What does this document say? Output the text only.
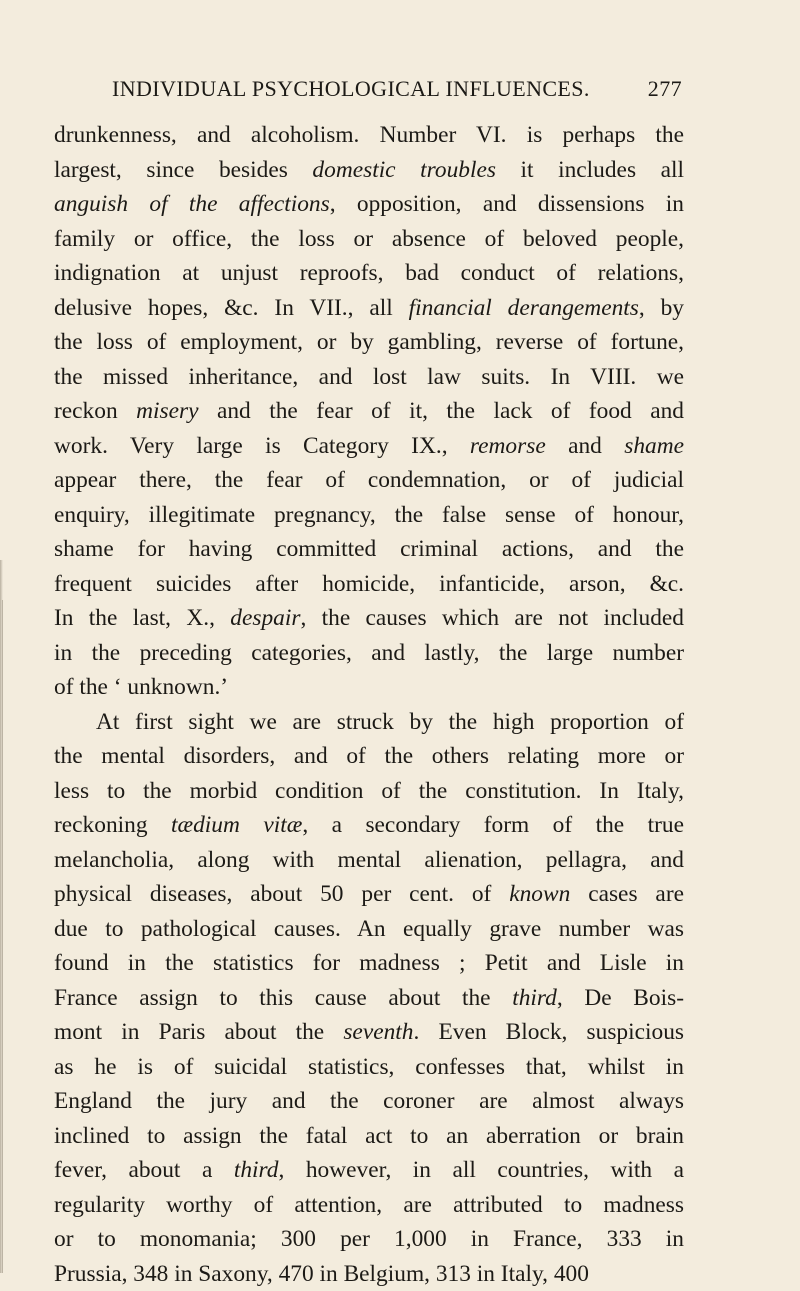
INDIVIDUAL PSYCHOLOGICAL INFLUENCES.	277
drunkenness, and alcoholism. Number VI. is perhaps the
largest, since besides domestic troubles it includes all
anguish of the affections, opposition, and dissensions in
family or office, the loss or absence of beloved people,
indignation at unjust reproofs, bad conduct of relations,
delusive hopes, &c. In VII., all financial derangements, by
the loss of employment, or by gambling, reverse of fortune,
the missed inheritance, and lost law suits. In VIII. we
reckon misery and the fear of it, the lack of food and
work. Very large is Category IX., remorse and shame
appear there, the fear of condemnation, or of judicial
enquiry, illegitimate pregnancy, the false sense of honour,
shame for having committed criminal actions, and the
frequent suicides after homicide, infanticide, arson, &c.
In the last, X., despair, the causes which are not included
in the preceding categories, and lastly, the large number
of the ‘ unknown.’
At first sight we are struck by the high proportion of
the mental disorders, and of the others relating more or
less to the morbid condition of the constitution. In Italy,
reckoning tædium vitæ, a secondary form of the true
melancholia, along with mental alienation, pellagra, and
physical diseases, about 50 per cent. of known cases are
due to pathological causes. An equally grave number was
found in the statistics for madness ; Petit and Lisle in
France assign to this cause about the third, De Bois-
mont in Paris about the seventh. Even Block, suspicious
as he is of suicidal statistics, confesses that, whilst in
England the jury and the coroner are almost always
inclined to assign the fatal act to an aberration or brain
fever, about a third, however, in all countries, with a
regularity worthy of attention, are attributed to madness
or to monomania; 300 per 1,000 in France, 333 in
Prussia, 348 in Saxony, 470 in Belgium, 313 in Italy, 400
